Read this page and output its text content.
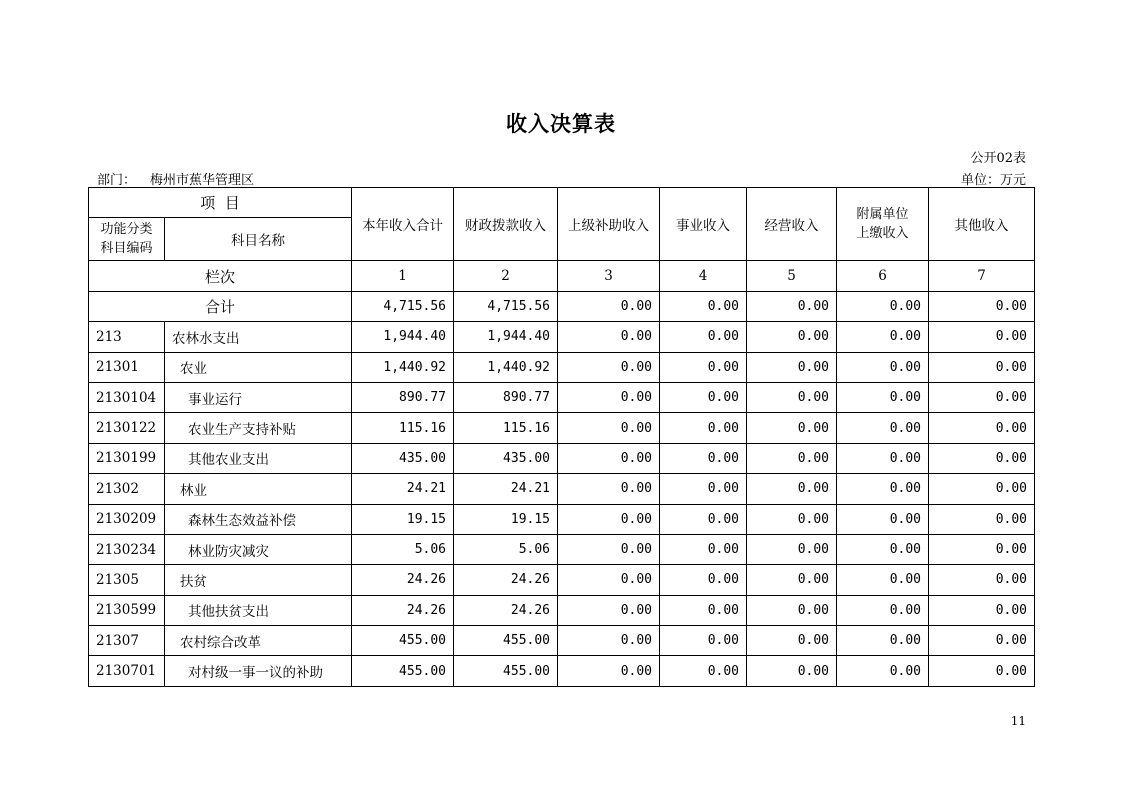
收入决算表
公开02表
部门： 梅州市蕉华管理区	单位：万元
项  目		本年收入合计	财政拨款收入	上级补助收入	事业收入	经营收入	附属单位上缴收入	其他收入
功能分类科目编码	科目名称							
栏次		1	2	3	4	5	6	7
合计		4,715.56	4,715.56	0.00	0.00	0.00	0.00	0.00
213	农林水支出	1,944.40	1,944.40	0.00	0.00	0.00	0.00	0.00
21301	农业	1,440.92	1,440.92	0.00	0.00	0.00	0.00	0.00
2130104	事业运行	890.77	890.77	0.00	0.00	0.00	0.00	0.00
2130122	农业生产支持补贴	115.16	115.16	0.00	0.00	0.00	0.00	0.00
2130199	其他农业支出	435.00	435.00	0.00	0.00	0.00	0.00	0.00
21302	林业	24.21	24.21	0.00	0.00	0.00	0.00	0.00
2130209	森林生态效益补偿	19.15	19.15	0.00	0.00	0.00	0.00	0.00
2130234	林业防灾减灾	5.06	5.06	0.00	0.00	0.00	0.00	0.00
21305	扶贫	24.26	24.26	0.00	0.00	0.00	0.00	0.00
2130599	其他扶贫支出	24.26	24.26	0.00	0.00	0.00	0.00	0.00
21307	农村综合改革	455.00	455.00	0.00	0.00	0.00	0.00	0.00
2130701	对村级一事一议的补助	455.00	455.00	0.00	0.00	0.00	0.00	0.00
11
